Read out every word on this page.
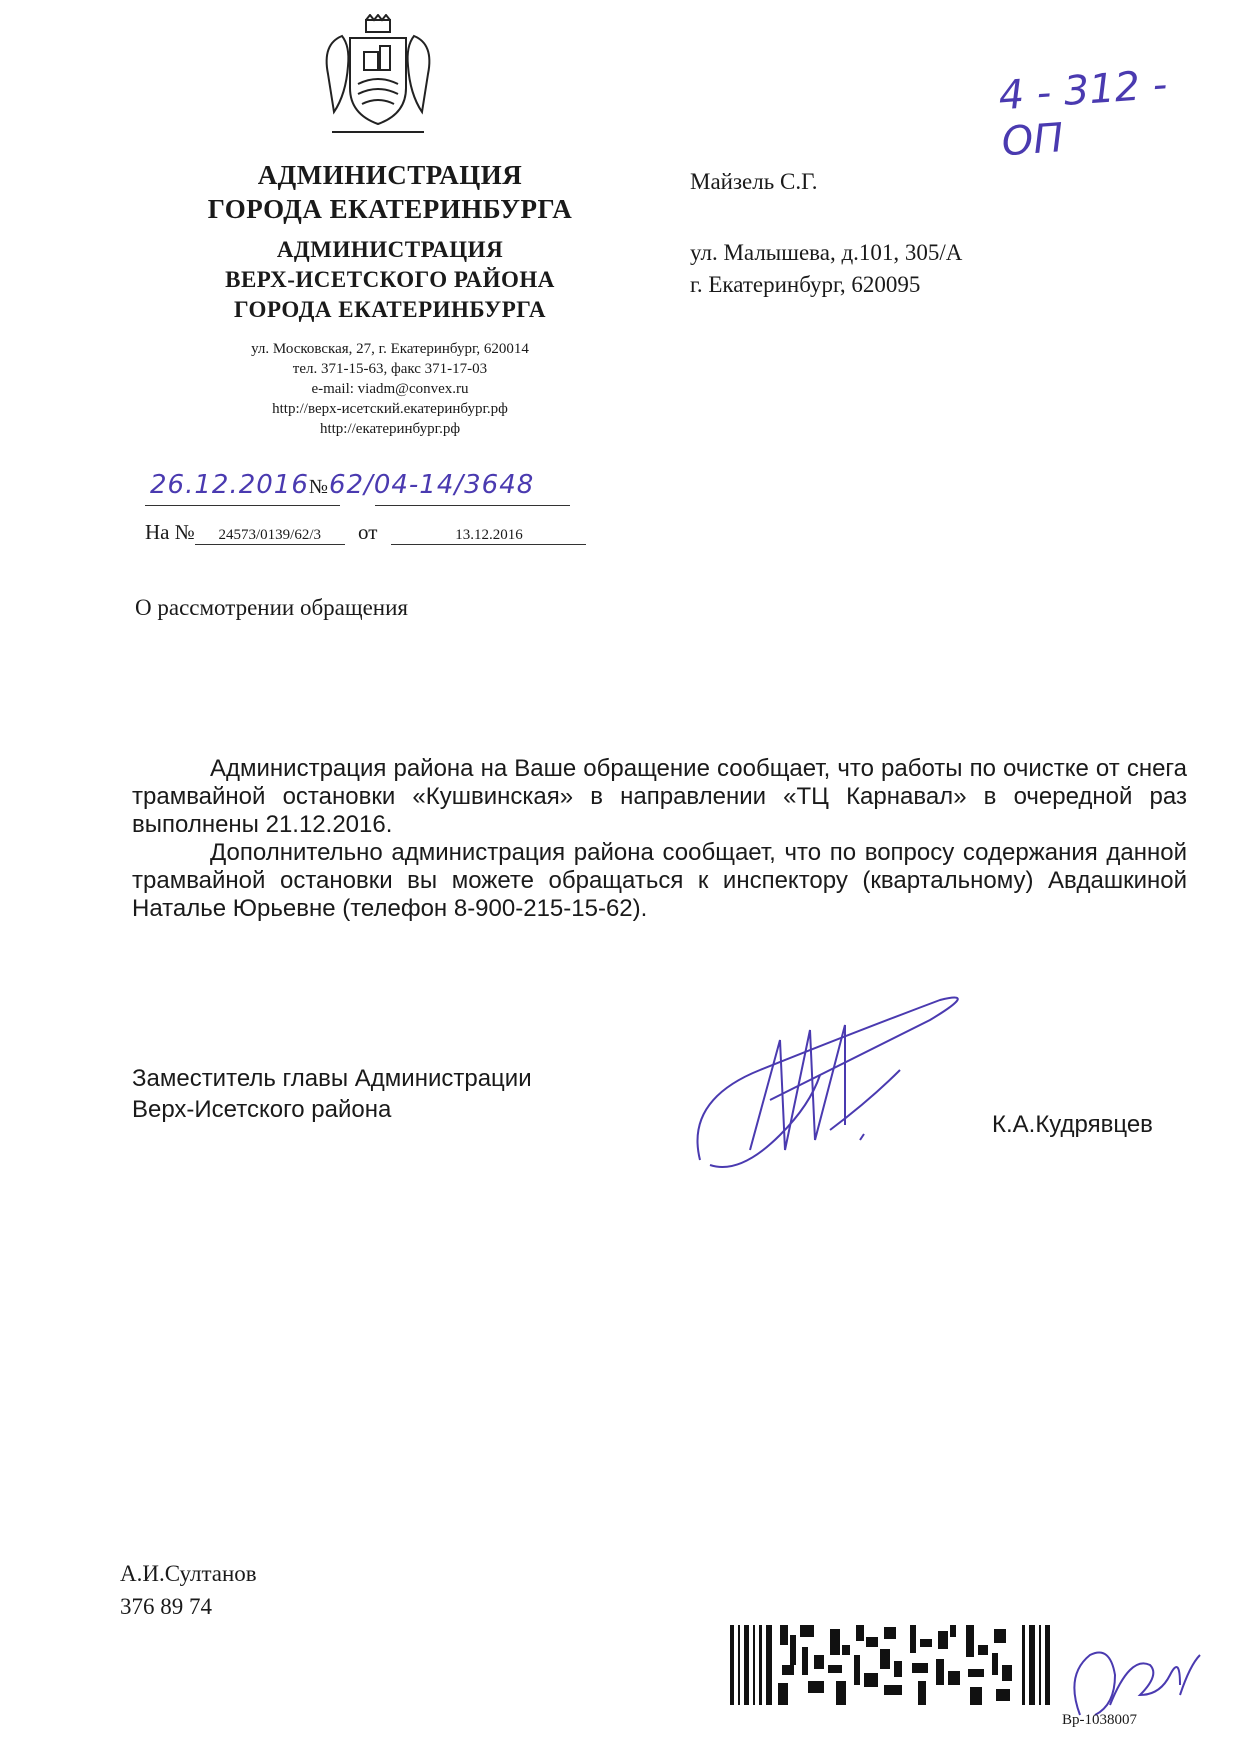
АДМИНИСТРАЦИЯ
ГОРОДА ЕКАТЕРИНБУРГА
АДМИНИСТРАЦИЯ
ВЕРХ-ИСЕТСКОГО РАЙОНА
ГОРОДА ЕКАТЕРИНБУРГА
ул. Московская, 27, г. Екатеринбург, 620014
тел. 371-15-63, факс 371-17-03
e-mail: viadm@convex.ru
http://верх-исетский.екатеринбург.рф
http://екатеринбург.рф
4 - 312 - ОП
Майзель С.Г.
ул. Малышева, д.101, 305/А
г. Екатеринбург, 620095
26.12.2016№62/04-14/3648
На № 24573/0139/62/3 от	13.12.2016
О рассмотрении обращения

Администрация района на Ваше обращение сообщает, что работы по очистке от снега трамвайной остановки «Кушвинская» в направлении «ТЦ Карнавал» в очередной раз выполнены 21.12.2016.

Дополнительно администрация района сообщает, что по вопросу содержания данной трамвайной остановки вы можете обращаться к инспектору (квартальному) Авдашкиной Наталье Юрьевне (телефон 8-900-215-15-62).

Заместитель главы Администрации
Верх-Исетского района
К.А.Кудрявцев
А.И.Султанов
376 89 74
Вр-1038007
